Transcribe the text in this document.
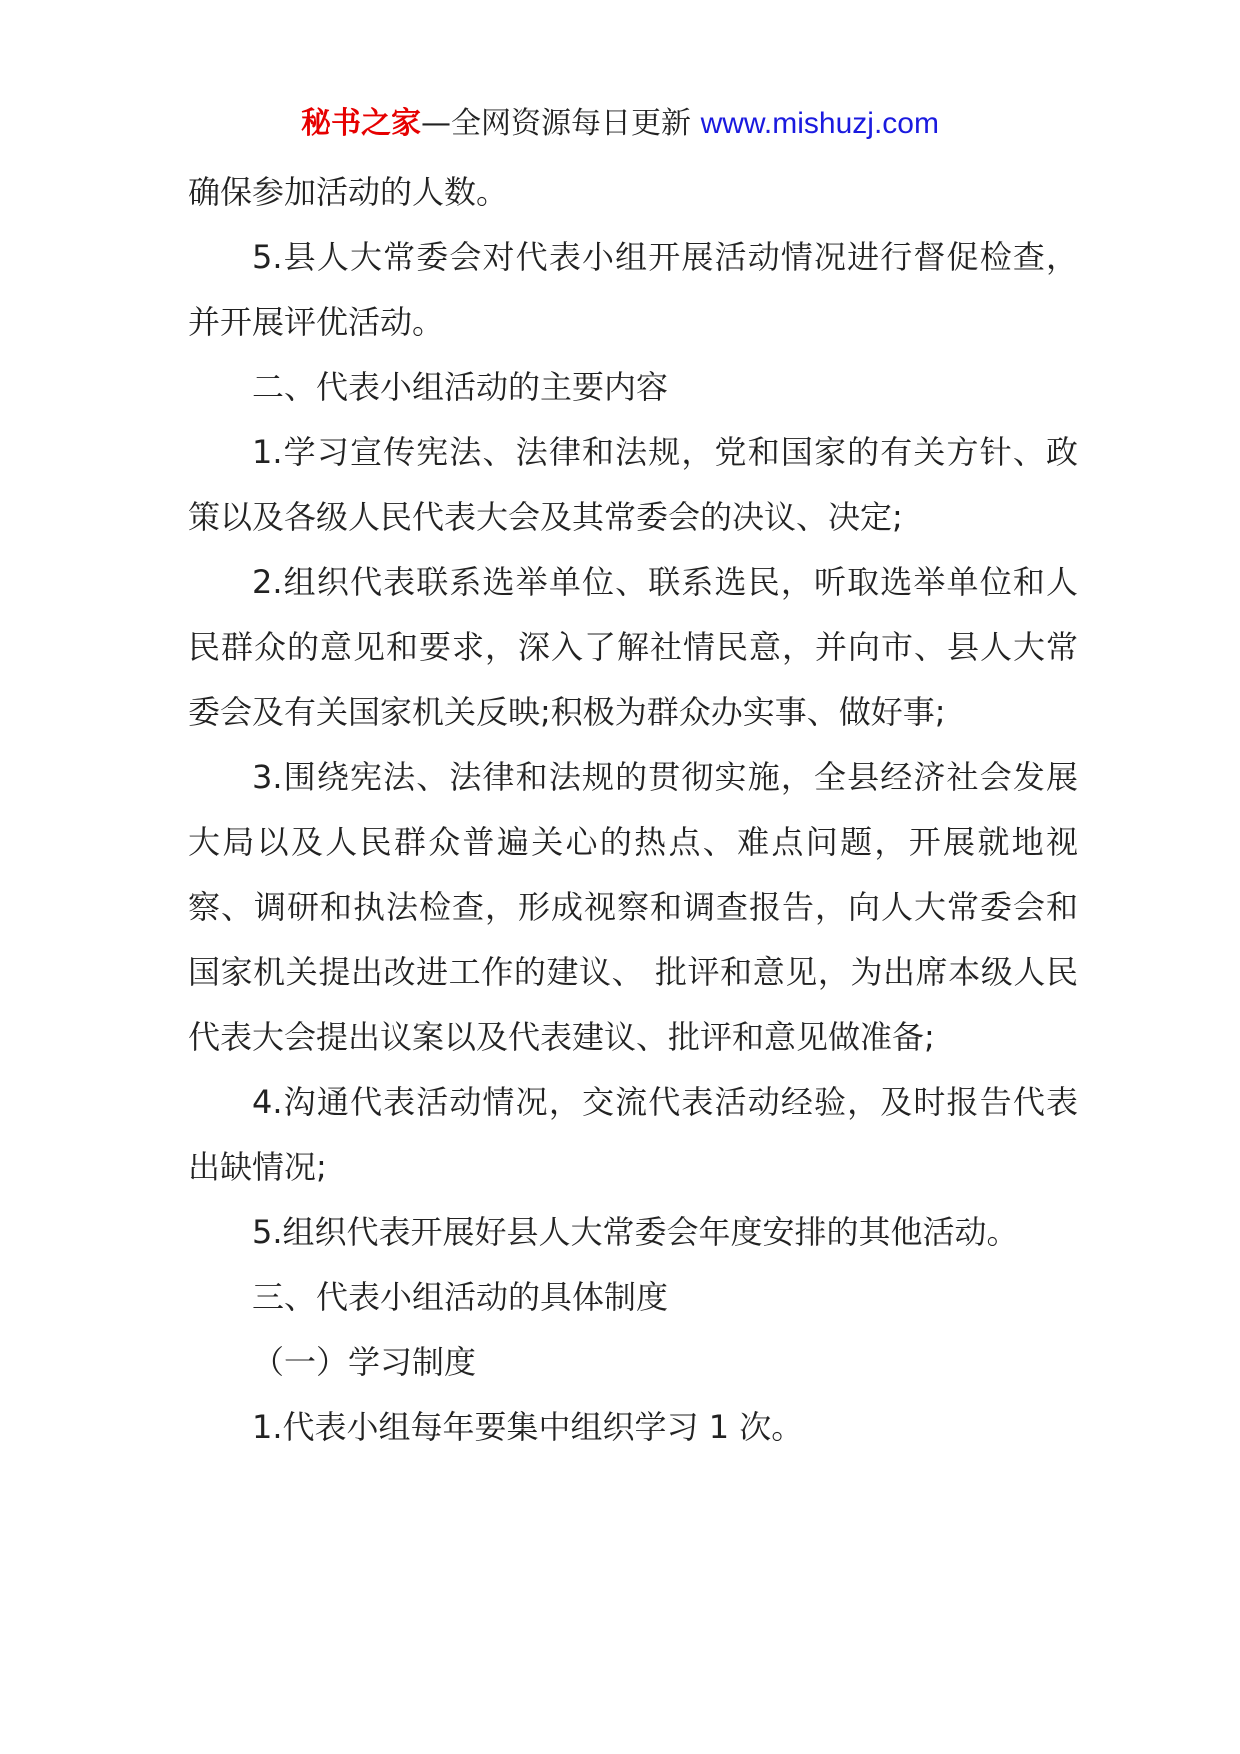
秘书之家—全网资源每日更新 www.mishuzj.com

确保参加活动的人数。

5.县人大常委会对代表小组开展活动情况进行督促检查，并开展评优活动。

二、代表小组活动的主要内容

1.学习宣传宪法、法律和法规，党和国家的有关方针、政策以及各级人民代表大会及其常委会的决议、决定;

2.组织代表联系选举单位、联系选民，听取选举单位和人民群众的意见和要求，深入了解社情民意，并向市、县人大常委会及有关国家机关反映;积极为群众办实事、做好事;

3.围绕宪法、法律和法规的贯彻实施，全县经济社会发展大局以及人民群众普遍关心的热点、难点问题，开展就地视察、调研和执法检查，形成视察和调查报告，向人大常委会和国家机关提出改进工作的建议、 批评和意见，为出席本级人民代表大会提出议案以及代表建议、批评和意见做准备;

4.沟通代表活动情况，交流代表活动经验，及时报告代表出缺情况;

5.组织代表开展好县人大常委会年度安排的其他活动。

三、代表小组活动的具体制度

（一）学习制度

1.代表小组每年要集中组织学习 1 次。
